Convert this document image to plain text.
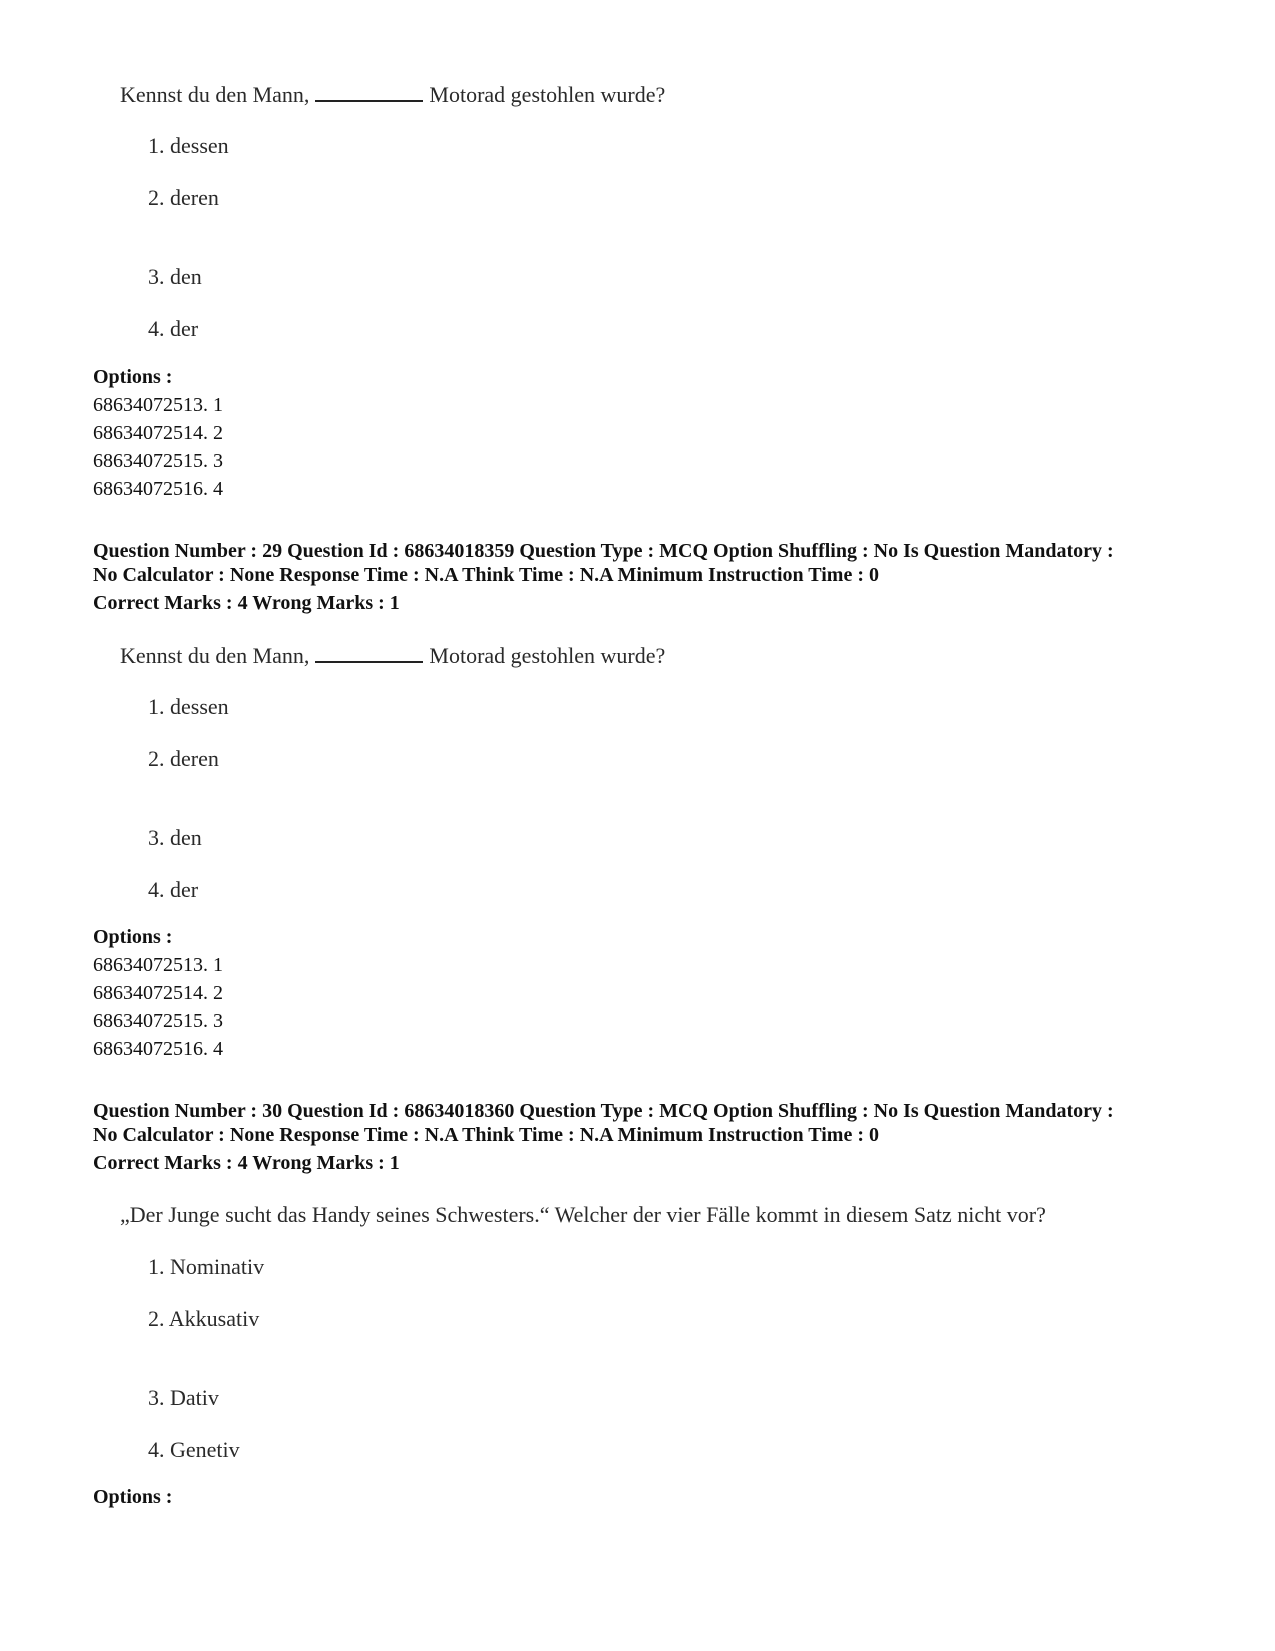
Kennst du den Mann,	Motorad gestohlen wurde?
1. dessen
2. deren
3. den
4. der
Options :
68634072513. 1
68634072514. 2
68634072515. 3
68634072516. 4
Question Number : 29 Question Id : 68634018359 Question Type : MCQ Option Shuffling : No Is Question Mandatory :
No Calculator : None Response Time : N.A Think Time : N.A Minimum Instruction Time : 0
Correct Marks : 4 Wrong Marks : 1
Kennst du den Mann,	Motorad gestohlen wurde?
1. dessen
2. deren
3. den
4. der
Options :
68634072513. 1
68634072514. 2
68634072515. 3
68634072516. 4
Question Number : 30 Question Id : 68634018360 Question Type : MCQ Option Shuffling : No Is Question Mandatory :
No Calculator : None Response Time : N.A Think Time : N.A Minimum Instruction Time : 0
Correct Marks : 4 Wrong Marks : 1
„Der Junge sucht das Handy seines Schwesters.“ Welcher der vier Fälle kommt in diesem Satz nicht vor?
1. Nominativ
2. Akkusativ
3. Dativ
4. Genetiv
Options :
